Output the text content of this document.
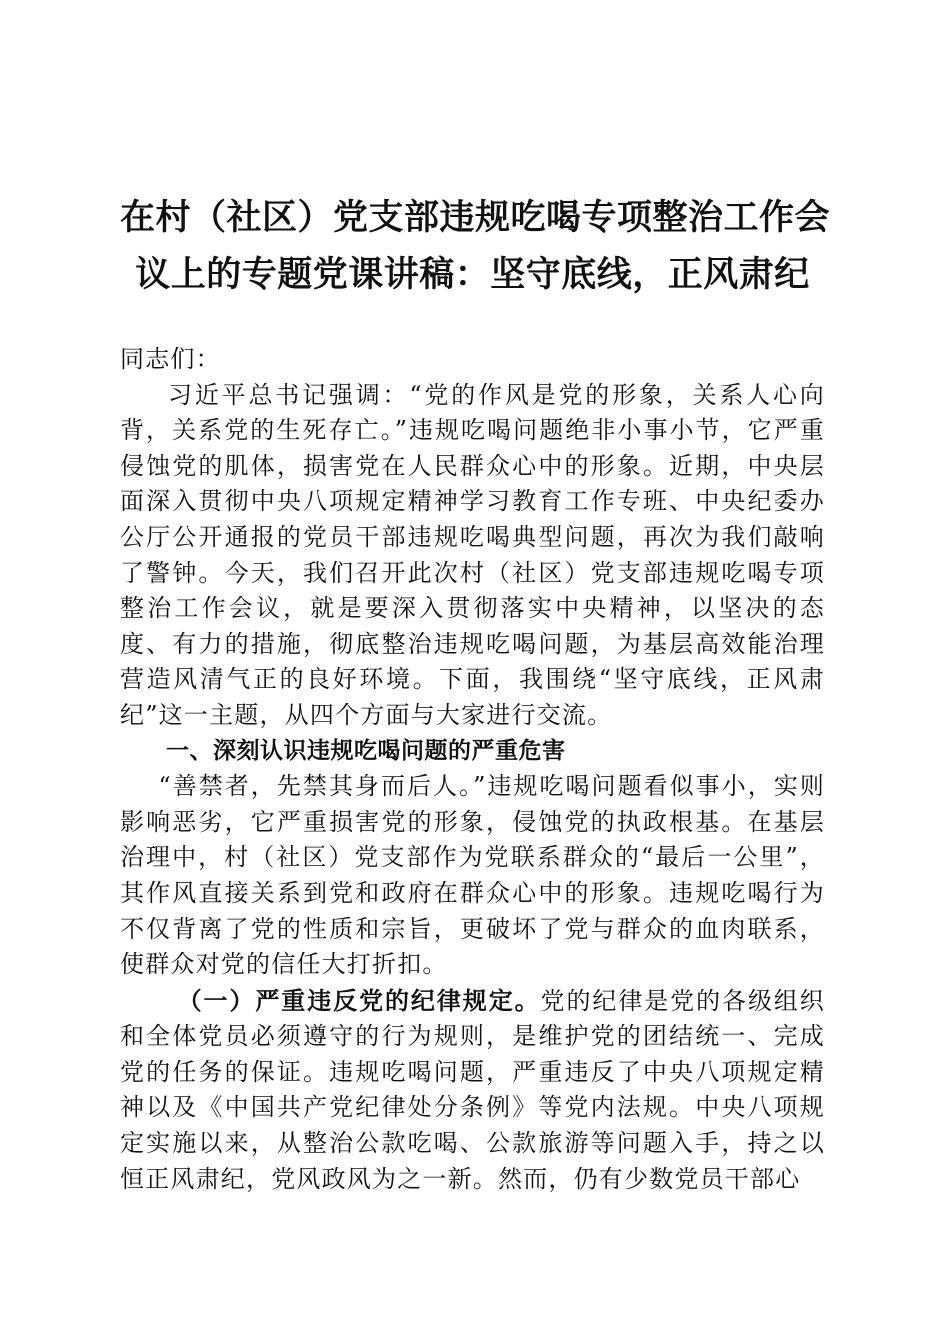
在村（社区）党支部违规吃喝专项整治工作会
议上的专题党课讲稿：坚守底线，正风肃纪

同志们：

习近平总书记强调：“党的作风是党的形象，关系人心向背，关系党的生死存亡。”违规吃喝问题绝非小事小节，它严重侵蚀党的肌体，损害党在人民群众心中的形象。近期，中央层面深入贯彻中央八项规定精神学习教育工作专班、中央纪委办公厅公开通报的党员干部违规吃喝典型问题，再次为我们敲响了警钟。今天，我们召开此次村（社区）党支部违规吃喝专项整治工作会议，就是要深入贯彻落实中央精神，以坚决的态度、有力的措施，彻底整治违规吃喝问题，为基层高效能治理营造风清气正的良好环境。下面，我围绕“坚守底线，正风肃纪”这一主题，从四个方面与大家进行交流。

一、深刻认识违规吃喝问题的严重危害

“善禁者，先禁其身而后人。”违规吃喝问题看似事小，实则影响恶劣，它严重损害党的形象，侵蚀党的执政根基。在基层治理中，村（社区）党支部作为党联系群众的“最后一公里”，其作风直接关系到党和政府在群众心中的形象。违规吃喝行为不仅背离了党的性质和宗旨，更破坏了党与群众的血肉联系，使群众对党的信任大打折扣。

（一）严重违反党的纪律规定。党的纪律是党的各级组织和全体党员必须遵守的行为规则，是维护党的团结统一、完成党的任务的保证。违规吃喝问题，严重违反了中央八项规定精神以及《中国共产党纪律处分条例》等党内法规。中央八项规定实施以来，从整治公款吃喝、公款旅游等问题入手，持之以恒正风肃纪，党风政风为之一新。然而，仍有少数党员干部心
